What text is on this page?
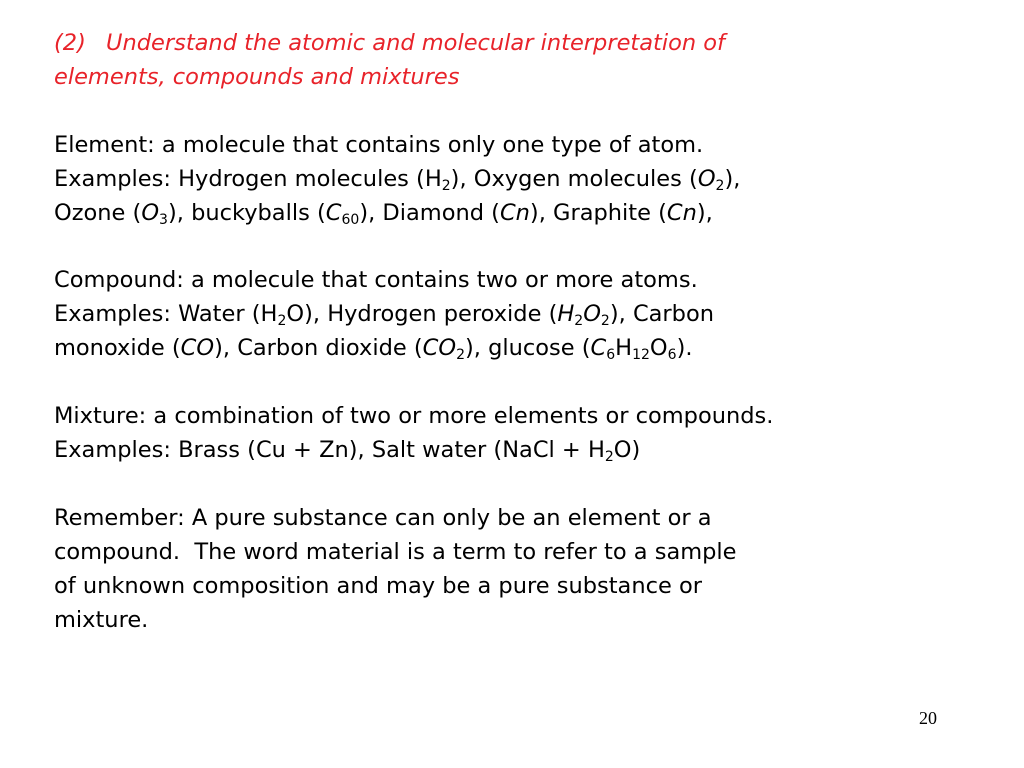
(2) Understand the atomic and molecular interpretation of
elements, compounds and mixtures
Element: a molecule that contains only one type of atom.
Examples: Hydrogen molecules $(H_2)$, Oxygen molecules $(O_2)$,
Ozone $(O_3)$, buckyballs $(C_{60})$, Diamond (Cn), Graphite (Cn),
Compound: a molecule that contains two or more atoms.
Examples: Water $(H_2O)$, Hydrogen peroxide $(H_2O_2)$, Carbon
monoxide (CO), Carbon dioxide $(CO_2)$, glucose $(C_6H_{12}O_6)$.
Mixture: a combination of two or more elements or compounds.
Examples: Brass (Cu + Zn), Salt water (NaCl + $H_2O$)
Remember: A pure substance can only be an element or a
compound.  The word material is a term to refer to a sample
of unknown composition and may be a pure substance or
mixture.
20
